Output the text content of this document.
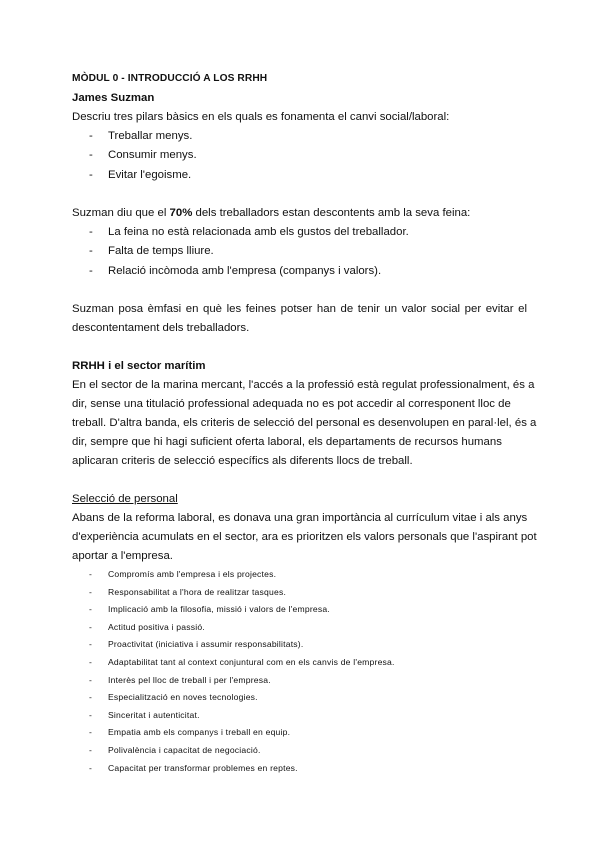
MÒDUL 0 - INTRODUCCIÓ A LOS RRHH
James Suzman
Descriu tres pilars bàsics en els quals es fonamenta el canvi social/laboral:
- Treballar menys.
- Consumir menys.
- Evitar l'egoisme.
Suzman diu que el 70% dels treballadors estan descontents amb la seva feina:
- La feina no està relacionada amb els gustos del treballador.
- Falta de temps lliure.
- Relació incòmoda amb l'empresa (companys i valors).
Suzman posa èmfasi en què les feines potser han de tenir un valor social per evitar el
descontentament dels treballadors.
RRHH i el sector marítim
En el sector de la marina mercant, l'accés a la professió està regulat professionalment, és a
dir, sense una titulació professional adequada no es pot accedir al corresponent lloc de
treball. D'altra banda, els criteris de selecció del personal es desenvolupen en paral·lel, és a
dir, sempre que hi hagi suficient oferta laboral, els departaments de recursos humans
aplicaran criteris de selecció específics als diferents llocs de treball.
Selecció de personal
Abans de la reforma laboral, es donava una gran importància al currículum vitae i als anys
d'experiència acumulats en el sector, ara es prioritzen els valors personals que l'aspirant pot
aportar a l'empresa.
- Compromís amb l'empresa i els projectes.
- Responsabilitat a l'hora de realitzar tasques.
- Implicació amb la filosofia, missió i valors de l'empresa.
- Actitud positiva i passió.
- Proactivitat (iniciativa i assumir responsabilitats).
- Adaptabilitat tant al context conjuntural com en els canvis de l'empresa.
- Interès pel lloc de treball i per l'empresa.
- Especialització en noves tecnologies.
- Sinceritat i autenticitat.
- Empatia amb els companys i treball en equip.
- Polivalència i capacitat de negociació.
- Capacitat per transformar problemes en reptes.
